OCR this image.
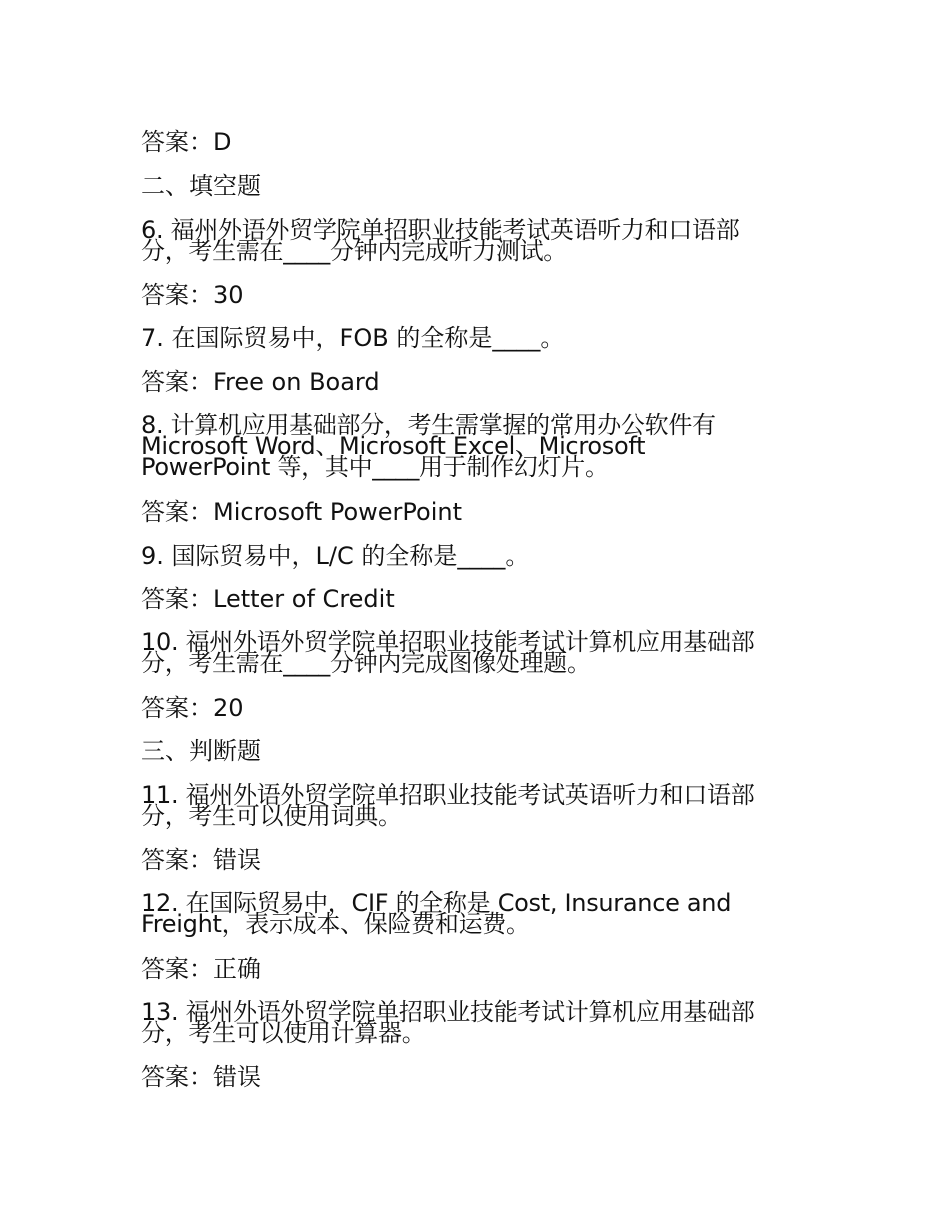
答案：D
二、填空题
6. 福州外语外贸学院单招职业技能考试英语听力和口语部分，考生需在____分钟内完成听力测试。
答案：30
7. 在国际贸易中，FOB 的全称是____。
答案：Free on Board
8. 计算机应用基础部分，考生需掌握的常用办公软件有 Microsoft Word、Microsoft Excel、Microsoft PowerPoint 等，其中____用于制作幻灯片。
答案：Microsoft PowerPoint
9. 国际贸易中，L/C 的全称是____。
答案：Letter of Credit
10. 福州外语外贸学院单招职业技能考试计算机应用基础部分，考生需在____分钟内完成图像处理题。
答案：20
三、判断题
11. 福州外语外贸学院单招职业技能考试英语听力和口语部分，考生可以使用词典。
答案：错误
12. 在国际贸易中，CIF 的全称是 Cost, Insurance and Freight，表示成本、保险费和运费。
答案：正确
13. 福州外语外贸学院单招职业技能考试计算机应用基础部分，考生可以使用计算器。
答案：错误
